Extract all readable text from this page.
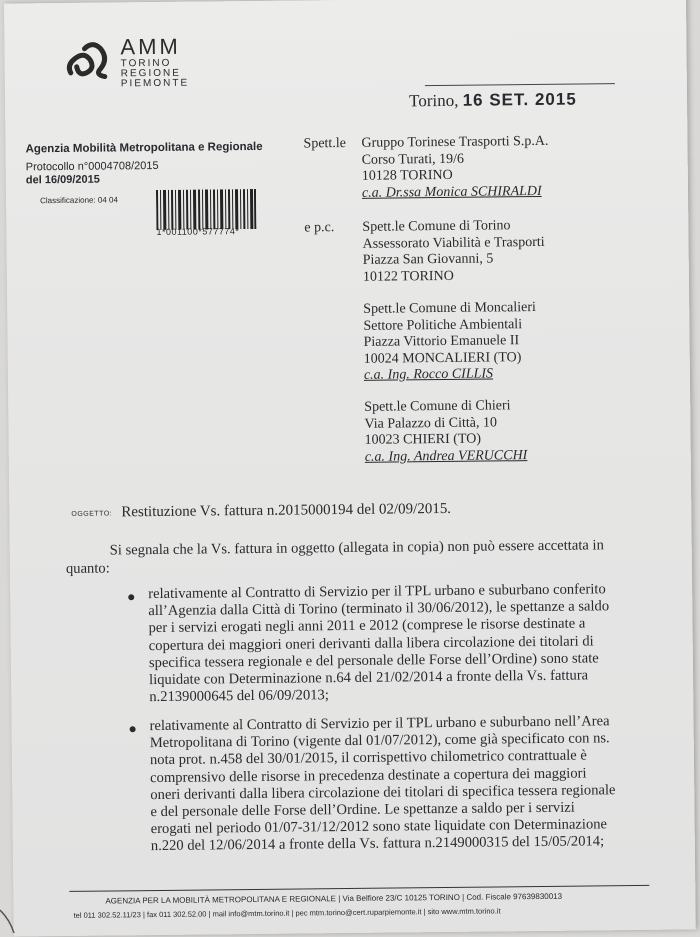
AMM
TORINO
REGIONE
PIEMONTE
Torino, 16 SET. 2015
Agenzia Mobilità Metropolitana e Regionale
Protocollo n°0004708/2015
del 16/09/2015
Classificazione: 04 04
1*001100*577774*
Spett.le Gruppo Torinese Trasporti S.p.A.
Corso Turati, 19/6
10128 TORINO
c.a. Dr.ssa Monica SCHIRALDI
e p.c. Spett.le Comune di Torino
Assessorato Viabilità e Trasporti
Piazza San Giovanni, 5
10122 TORINO
Spett.le Comune di Moncalieri
Settore Politiche Ambientali
Piazza Vittorio Emanuele II
10024 MONCALIERI (TO)
c.a. Ing. Rocco CILLIS
Spett.le Comune di Chieri
Via Palazzo di Città, 10
10023 CHIERI (TO)
c.a. Ing. Andrea VERUCCHI
OGGETTO: Restituzione Vs. fattura n.2015000194 del 02/09/2015.
Si segnala che la Vs. fattura in oggetto (allegata in copia) non può essere accettata in
quanto:
relativamente al Contratto di Servizio per il TPL urbano e suburbano conferito
all’Agenzia dalla Città di Torino (terminato il 30/06/2012), le spettanze a saldo
per i servizi erogati negli anni 2011 e 2012 (comprese le risorse destinate a
copertura dei maggiori oneri derivanti dalla libera circolazione dei titolari di
specifica tessera regionale e del personale delle Forse dell’Ordine) sono state
liquidate con Determinazione n.64 del 21/02/2014 a fronte della Vs. fattura
n.2139000645 del 06/09/2013;
relativamente al Contratto di Servizio per il TPL urbano e suburbano nell’Area
Metropolitana di Torino (vigente dal 01/07/2012), come già specificato con ns.
nota prot. n.458 del 30/01/2015, il corrispettivo chilometrico contrattuale è
comprensivo delle risorse in precedenza destinate a copertura dei maggiori
oneri derivanti dalla libera circolazione dei titolari di specifica tessera regionale
e del personale delle Forse dell’Ordine. Le spettanze a saldo per i servizi
erogati nel periodo 01/07-31/12/2012 sono state liquidate con Determinazione
n.220 del 12/06/2014 a fronte della Vs. fattura n.2149000315 del 15/05/2014;
AGENZIA PER LA MOBILITÀ METROPOLITANA E REGIONALE | Via Belfiore 23/C 10125 TORINO | Cod. Fiscale 97639830013
tel 011 302.52.11/23 | fax 011 302.52.00 | mail info@mtm.torino.it | pec mtm.torino@cert.ruparpiemonte.it | sito www.mtm.torino.it
